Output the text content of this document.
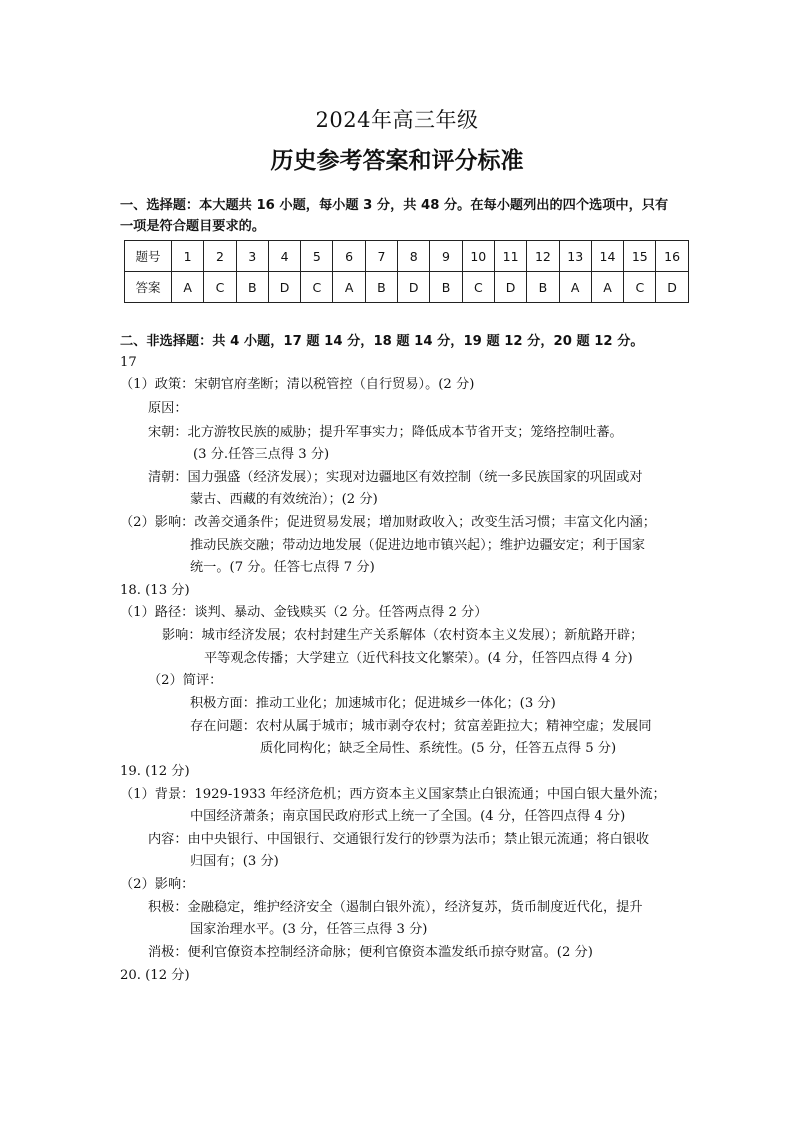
2024年高三年级
历史参考答案和评分标准
一、选择题：本大题共 16 小题，每小题 3 分，共 48 分。在每小题列出的四个选项中，只有一项是符合题目要求的。
题号	1	2	3	4	5	6	7	8	9	10	11	12	13	14	15	16
答案	A	C	B	D	C	A	B	D	B	C	D	B	A	A	C	D
二、非选择题：共 4 小题，17 题 14 分，18 题 14 分，19 题 12 分，20 题 12 分。
17
（1）政策：宋朝官府垄断；清以税管控（自行贸易）。(2 分)
原因：
宋朝：北方游牧民族的威胁；提升军事实力；降低成本节省开支；笼络控制吐蕃。
(3 分.任答三点得 3 分)
清朝：国力强盛（经济发展）；实现对边疆地区有效控制（统一多民族国家的巩固或对
蒙古、西藏的有效统治）；(2 分)
（2）影响：改善交通条件；促进贸易发展；增加财政收入；改变生活习惯；丰富文化内涵；
推动民族交融；带动边地发展（促进边地市镇兴起）；维护边疆安定；利于国家
统一。(7 分。任答七点得 7 分)
18. (13 分)
（1）路径：谈判、暴动、金钱赎买（2 分。任答两点得 2 分）
影响：城市经济发展；农村封建生产关系解体（农村资本主义发展）；新航路开辟；
平等观念传播；大学建立（近代科技文化繁荣）。(4 分，任答四点得 4 分)
（2）简评：
积极方面：推动工业化；加速城市化；促进城乡一体化；(3 分)
存在问题：农村从属于城市；城市剥夺农村；贫富差距拉大；精神空虚；发展同
质化同构化；缺乏全局性、系统性。(5 分，任答五点得 5 分)
19. (12 分)
（1）背景：1929-1933 年经济危机；西方资本主义国家禁止白银流通；中国白银大量外流；
中国经济萧条；南京国民政府形式上统一了全国。(4 分，任答四点得 4 分)
内容：由中央银行、中国银行、交通银行发行的钞票为法币；禁止银元流通；将白银收
归国有；(3 分)
（2）影响：
积极：金融稳定，维护经济安全（遏制白银外流），经济复苏，货币制度近代化，提升
国家治理水平。(3 分，任答三点得 3 分)
消极：便利官僚资本控制经济命脉；便利官僚资本滥发纸币掠夺财富。(2 分)
20. (12 分)
